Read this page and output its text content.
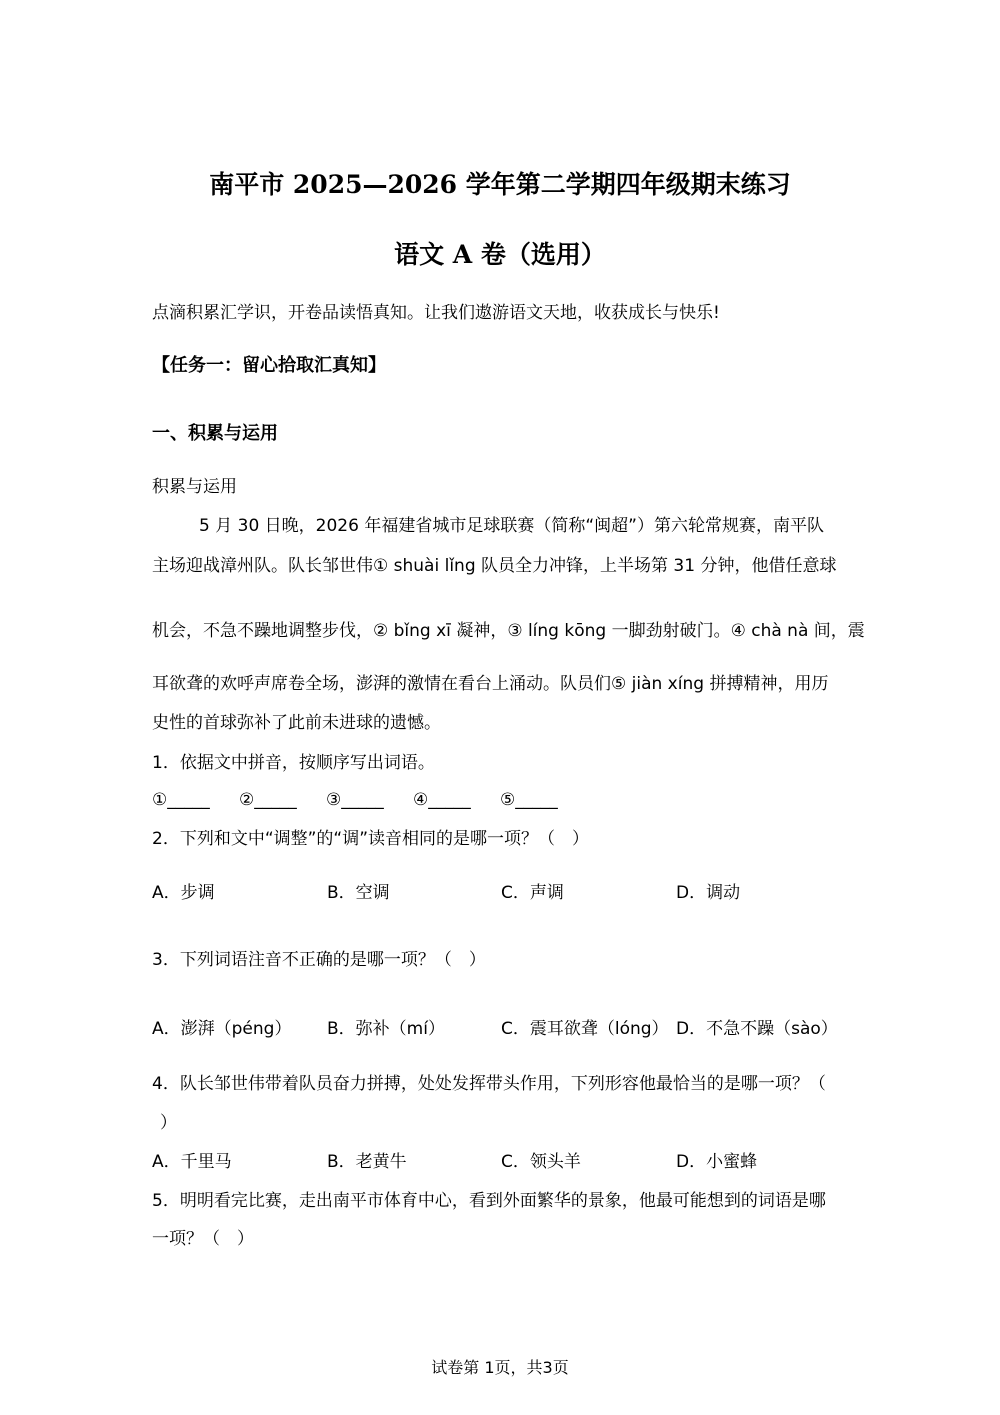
南平市 2025—2026 学年第二学期四年级期末练习
语文 A 卷（选用）
点滴积累汇学识，开卷品读悟真知。让我们遨游语文天地，收获成长与快乐!
【任务一：留心拾取汇真知】
一、积累与运用
积累与运用
5 月 30 日晚，2026 年福建省城市足球联赛（简称“闽超”）第六轮常规赛，南平队
主场迎战漳州队。队长邹世伟① shuài lǐng 队员全力冲锋，上半场第 31 分钟，他借任意球
机会，不急不躁地调整步伐，② bǐng xī 凝神，③ líng kōng 一脚劲射破门。④ chà nà 间，震
耳欲聋的欢呼声席卷全场，澎湃的激情在看台上涌动。队员们⑤ jiàn xíng 拼搏精神，用历
史性的首球弥补了此前未进球的遗憾。
1．依据文中拼音，按顺序写出词语。
①_____ ②_____ ③_____ ④_____ ⑤_____
2．下列和文中“调整”的“调”读音相同的是哪一项？（　）
A．步调	B．空调	C．声调	D．调动
3．下列词语注音不正确的是哪一项？（　）
A．澎湃（péng） B．弥补（mí）	C．震耳欲聋（lóng） D．不急不躁（sào）
4．队长邹世伟带着队员奋力拼搏，处处发挥带头作用，下列形容他最恰当的是哪一项？（
）
A．千里马	B．老黄牛	C．领头羊	D．小蜜蜂
5．明明看完比赛，走出南平市体育中心，看到外面繁华的景象，他最可能想到的词语是哪
一项？（　）
试卷第 1页，共3页
